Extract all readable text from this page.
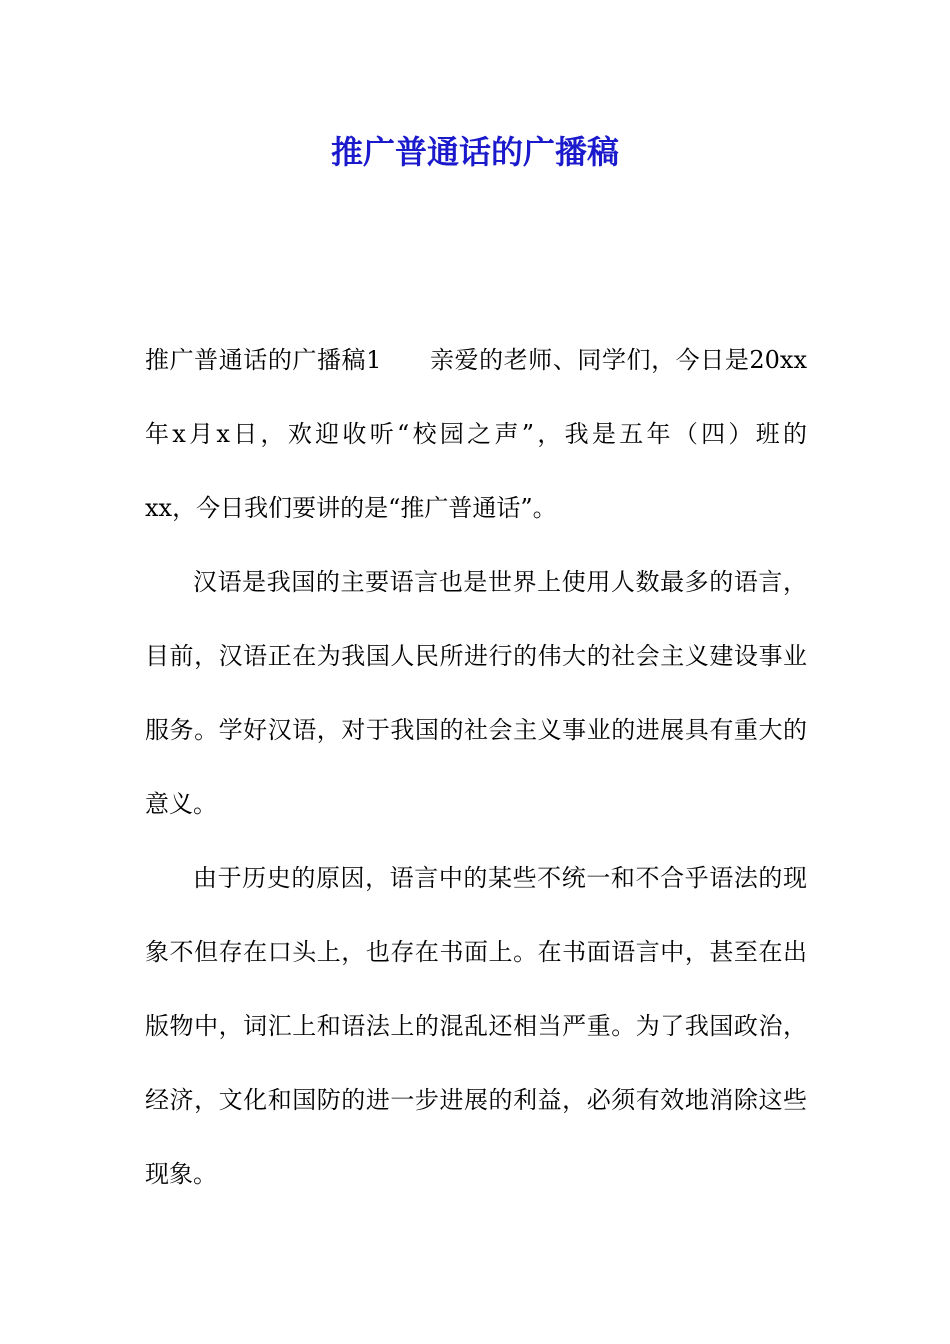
推广普通话的广播稿
推广普通话的广播稿1 亲爱的老师、同学们，今日是20xx
年x月x日，欢迎收听“校园之声”，我是五年（四）班的
xx，今日我们要讲的是“推广普通话”。
汉语是我国的主要语言也是世界上使用人数最多的语言，
目前，汉语正在为我国人民所进行的伟大的社会主义建设事业
服务。学好汉语，对于我国的社会主义事业的进展具有重大的
意义。
由于历史的原因，语言中的某些不统一和不合乎语法的现
象不但存在口头上，也存在书面上。在书面语言中，甚至在出
版物中，词汇上和语法上的混乱还相当严重。为了我国政治，
经济，文化和国防的进一步进展的利益，必须有效地消除这些
现象。
